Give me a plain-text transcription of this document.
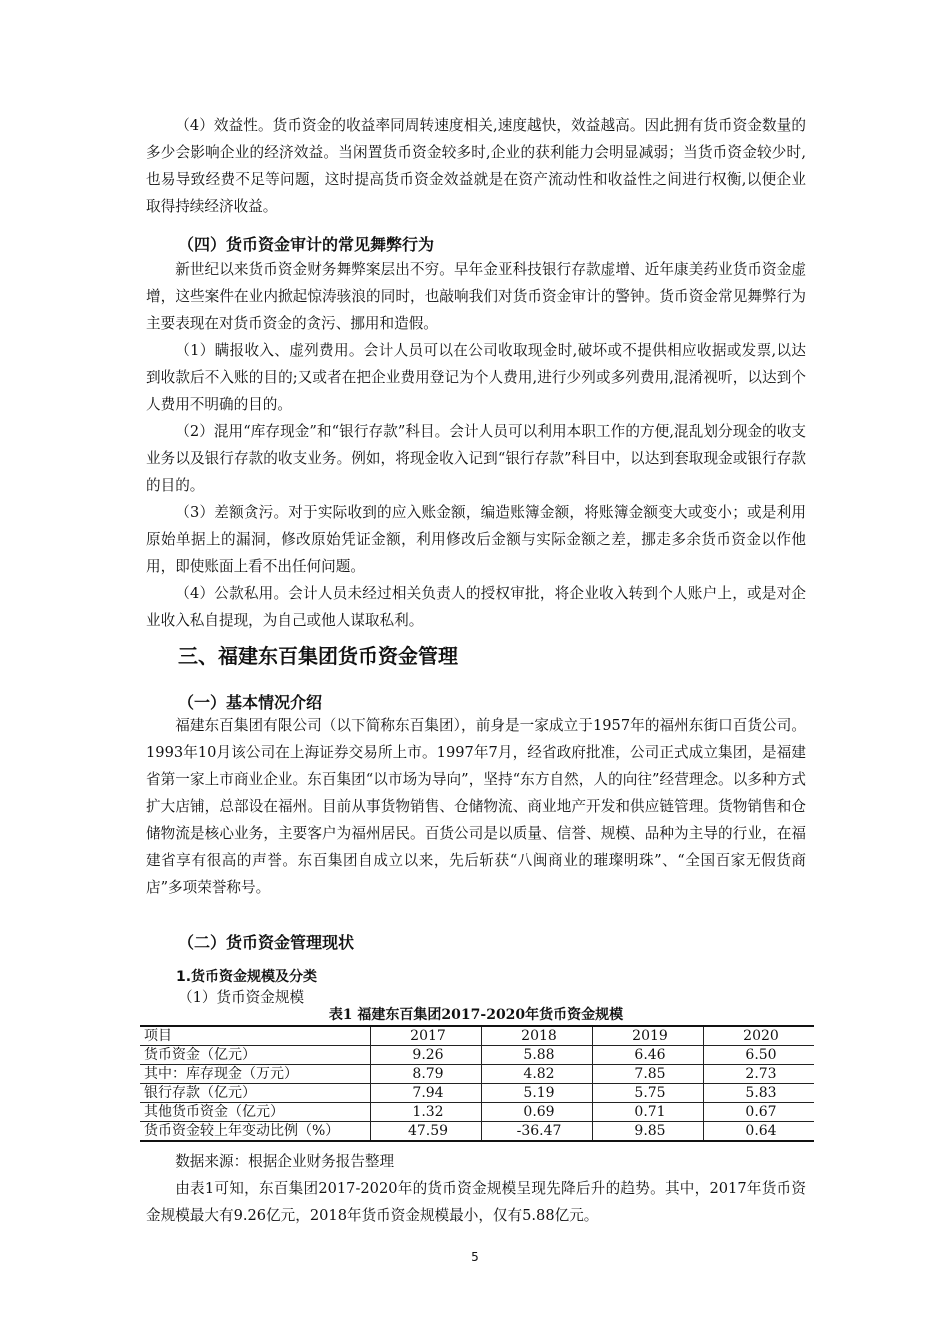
（4）效益性。货币资金的收益率同周转速度相关,速度越快，效益越高。因此拥有货币资金数量的多少会影响企业的经济效益。当闲置货币资金较多时,企业的获利能力会明显减弱；当货币资金较少时,也易导致经费不足等问题，这时提高货币资金效益就是在资产流动性和收益性之间进行权衡,以便企业取得持续经济收益。

（四）货币资金审计的常见舞弊行为

新世纪以来货币资金财务舞弊案层出不穷。早年金亚科技银行存款虚增、近年康美药业货币资金虚增，这些案件在业内掀起惊涛骇浪的同时，也敲响我们对货币资金审计的警钟。货币资金常见舞弊行为主要表现在对货币资金的贪污、挪用和造假。

（1）瞒报收入、虚列费用。会计人员可以在公司收取现金时,破坏或不提供相应收据或发票,以达到收款后不入账的目的;又或者在把企业费用登记为个人费用,进行少列或多列费用,混淆视听，以达到个人费用不明确的目的。

（2）混用“库存现金”和“银行存款”科目。会计人员可以利用本职工作的方便,混乱划分现金的收支业务以及银行存款的收支业务。例如，将现金收入记到“银行存款”科目中，以达到套取现金或银行存款的目的。

（3）差额贪污。对于实际收到的应入账金额，编造账簿金额，将账簿金额变大或变小；或是利用原始单据上的漏洞，修改原始凭证金额，利用修改后金额与实际金额之差，挪走多余货币资金以作他用，即使账面上看不出任何问题。

（4）公款私用。会计人员未经过相关负责人的授权审批，将企业收入转到个人账户上，或是对企业收入私自提现，为自己或他人谋取私利。

三、福建东百集团货币资金管理
（一）基本情况介绍

福建东百集团有限公司（以下简称东百集团），前身是一家成立于1957年的福州东街口百货公司。1993年10月该公司在上海证券交易所上市。1997年7月，经省政府批准，公司正式成立集团，是福建省第一家上市商业企业。东百集团“以市场为导向”，坚持“东方自然，人的向往”经营理念。以多种方式扩大店铺，总部设在福州。目前从事货物销售、仓储物流、商业地产开发和供应链管理。货物销售和仓储物流是核心业务，主要客户为福州居民。百货公司是以质量、信誉、规模、品种为主导的行业，在福建省享有很高的声誉。东百集团自成立以来，先后斩获“八闽商业的璀璨明珠”、“全国百家无假货商店”多项荣誉称号。

（二）货币资金管理现状
1.货币资金规模及分类
（1）货币资金规模
表1 福建东百集团2017-2020年货币资金规模
项目	2017	2018	2019	2020
货币资金（亿元）	9.26	5.88	6.46	6.50
其中：库存现金（万元）	8.79	4.82	7.85	2.73
银行存款（亿元）	7.94	5.19	5.75	5.83
其他货币资金（亿元）	1.32	0.69	0.71	0.67
货币资金较上年变动比例（%）	47.59	-36.47	9.85	0.64

数据来源：根据企业财务报告整理

由表1可知，东百集团2017-2020年的货币资金规模呈现先降后升的趋势。其中，2017年货币资金规模最大有9.26亿元，2018年货币资金规模最小，仅有5.88亿元。

5
